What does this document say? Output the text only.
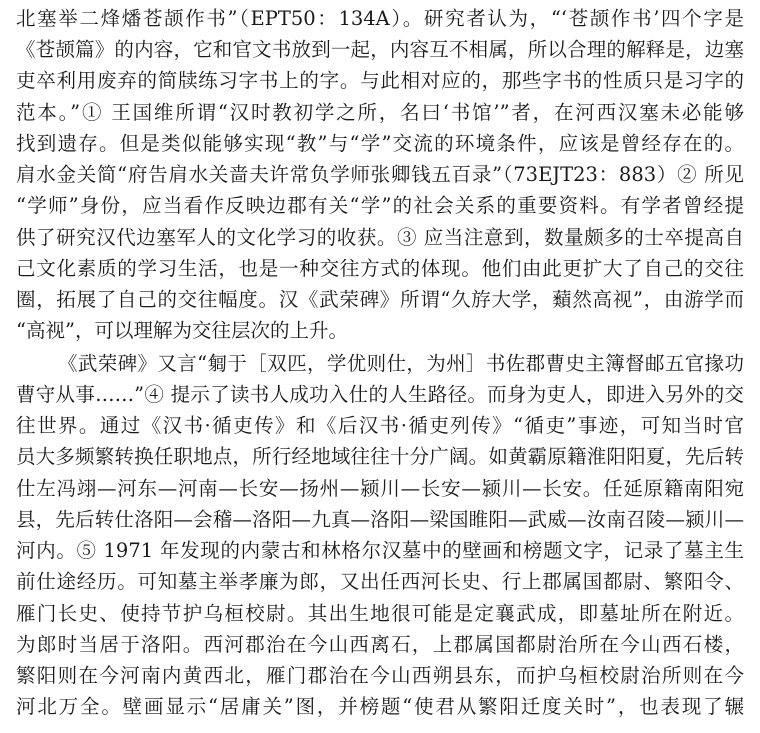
北塞举二烽燔苍颉作书”（EPT50：134A）。研究者认为，“‘苍颉作书’四个字是
《苍颉篇》的内容，它和官文书放到一起，内容互不相属，所以合理的解释是，边塞
吏卒利用废弃的简牍练习字书上的字。与此相对应的，那些字书的性质只是习字的
范本。”① 王国维所谓“汉时教初学之所，名曰‘书馆’”者，在河西汉塞未必能够
找到遗存。但是类似能够实现“教”与“学”交流的环境条件，应该是曾经存在的。
肩水金关简“府告肩水关啬夫许常负学师张卿钱五百录”（73EJT23：883）② 所见
“学师”身份，应当看作反映边郡有关“学”的社会关系的重要资料。有学者曾经提
供了研究汉代边塞军人的文化学习的收获。③ 应当注意到，数量颇多的士卒提高自
己文化素质的学习生活，也是一种交往方式的体现。他们由此更扩大了自己的交往
圈，拓展了自己的交往幅度。汉《武荣碑》所谓“久斿大学，蘱然高视”，由游学而
“高视”，可以理解为交往层次的上升。
《武荣碑》又言“匔于［双匹，学优则仕，为州］书佐郡曹史主簿督邮五官掾功
曹守从事……”④ 提示了读书人成功入仕的人生路径。而身为吏人，即进入另外的交
往世界。通过《汉书·循吏传》和《后汉书·循吏列传》“循吏”事迹，可知当时官
员大多频繁转换任职地点，所行经地域往往十分广阔。如黄霸原籍淮阳阳夏，先后转
仕左冯翊—河东—河南—长安—扬州—颍川—长安—颍川—长安。任延原籍南阳宛
县，先后转仕洛阳—会稽—洛阳—九真—洛阳—梁国睢阳—武威—汝南召陵—颍川—
河内。⑤ 1971 年发现的内蒙古和林格尔汉墓中的壁画和榜题文字，记录了墓主生
前仕途经历。可知墓主举孝廉为郎，又出任西河长史、行上郡属国都尉、繁阳令、
雁门长史、使持节护乌桓校尉。其出生地很可能是定襄武成，即墓址所在附近。
为郎时当居于洛阳。西河郡治在今山西离石，上郡属国都尉治所在今山西石楼，
繁阳则在今河南内黄西北，雁门郡治在今山西朔县东，而护乌桓校尉治所则在今
河北万全。壁画显示“居庸关”图，并榜题“使君从繁阳迁度关时”，也表现了辗
